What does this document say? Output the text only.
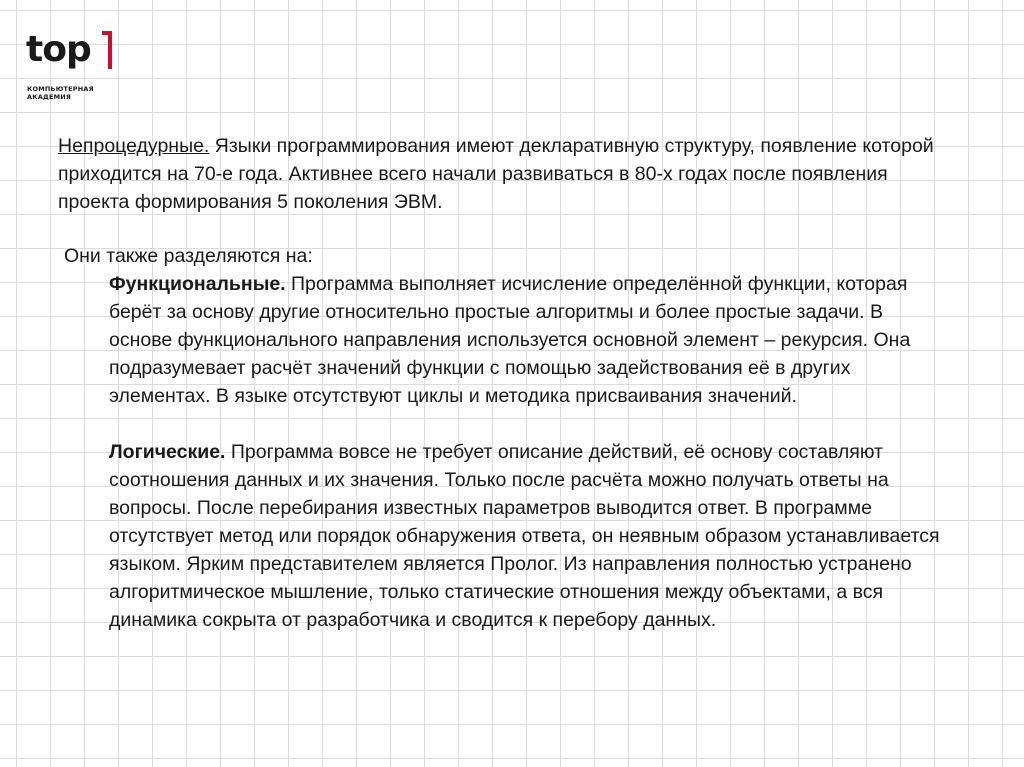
top
КОМПЬЮТЕРНАЯ
АКАДЕМИЯ

Непроцедурные. Языки программирования имеют декларативную структуру, появление которой приходится на 70-е года. Активнее всего начали развиваться в 80-х годах после появления проекта формирования 5 поколения ЭВМ.

Они также разделяются на:
Функциональные. Программа выполняет исчисление определённой функции, которая берёт за основу другие относительно простые алгоритмы и более простые задачи. В основе функционального направления используется основной элемент – рекурсия. Она подразумевает расчёт значений функции с помощью задействования её в других элементах. В языке отсутствуют циклы и методика присваивания значений.
Логические. Программа вовсе не требует описание действий, её основу составляют соотношения данных и их значения. Только после расчёта можно получать ответы на вопросы. После перебирания известных параметров выводится ответ. В программе отсутствует метод или порядок обнаружения ответа, он неявным образом устанавливается языком. Ярким представителем является Пролог. Из направления полностью устранено алгоритмическое мышление, только статические отношения между объектами, а вся динамика сокрыта от разработчика и сводится к перебору данных.
